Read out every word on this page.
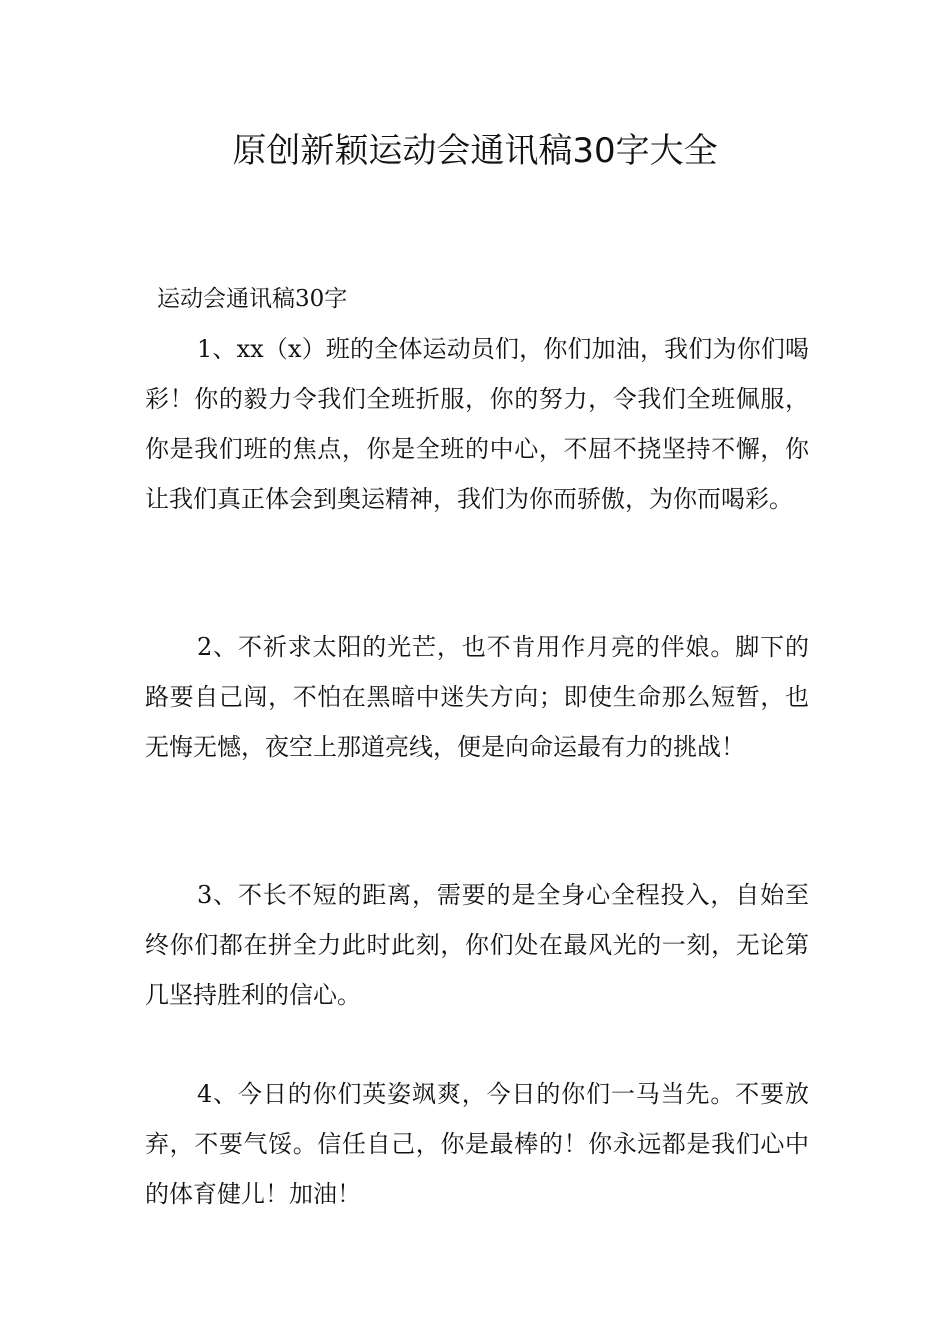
原创新颖运动会通讯稿30字大全

运动会通讯稿30字

1、xx（x）班的全体运动员们，你们加油，我们为你们喝彩！你的毅力令我们全班折服，你的努力，令我们全班佩服，你是我们班的焦点，你是全班的中心，不屈不挠坚持不懈，你让我们真正体会到奥运精神，我们为你而骄傲，为你而喝彩。

2、不祈求太阳的光芒，也不肯用作月亮的伴娘。脚下的路要自己闯，不怕在黑暗中迷失方向；即使生命那么短暂，也无悔无憾，夜空上那道亮线，便是向命运最有力的挑战！

3、不长不短的距离，需要的是全身心全程投入，自始至终你们都在拼全力此时此刻，你们处在最风光的一刻，无论第几坚持胜利的信心。

4、今日的你们英姿飒爽，今日的你们一马当先。不要放弃，不要气馁。信任自己，你是最棒的！你永远都是我们心中的体育健儿！加油！
